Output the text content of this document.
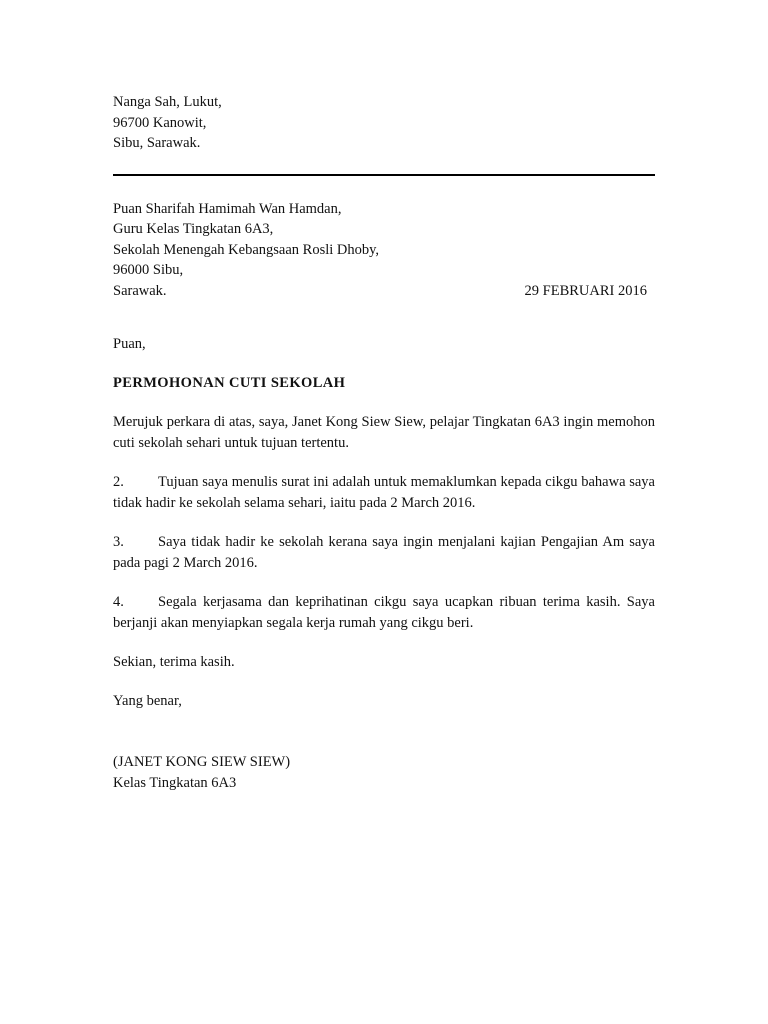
Nanga Sah, Lukut,
96700 Kanowit,
Sibu, Sarawak.
Puan Sharifah Hamimah Wan Hamdan,
Guru Kelas Tingkatan 6A3,
Sekolah Menengah Kebangsaan Rosli Dhoby,
96000 Sibu,
Sarawak.	29 FEBRUARI 2016
Puan,
PERMOHONAN CUTI SEKOLAH
Merujuk perkara di atas, saya, Janet Kong Siew Siew, pelajar Tingkatan 6A3 ingin memohon cuti sekolah sehari untuk tujuan tertentu.
2. Tujuan saya menulis surat ini adalah untuk memaklumkan kepada cikgu bahawa saya tidak hadir ke sekolah selama sehari, iaitu pada 2 March 2016.
3. Saya tidak hadir ke sekolah kerana saya ingin menjalani kajian Pengajian Am saya pada pagi 2 March 2016.
4. Segala kerjasama dan keprihatinan cikgu saya ucapkan ribuan terima kasih. Saya berjanji akan menyiapkan segala kerja rumah yang cikgu beri.
Sekian, terima kasih.
Yang benar,
(JANET KONG SIEW SIEW)
Kelas Tingkatan 6A3
